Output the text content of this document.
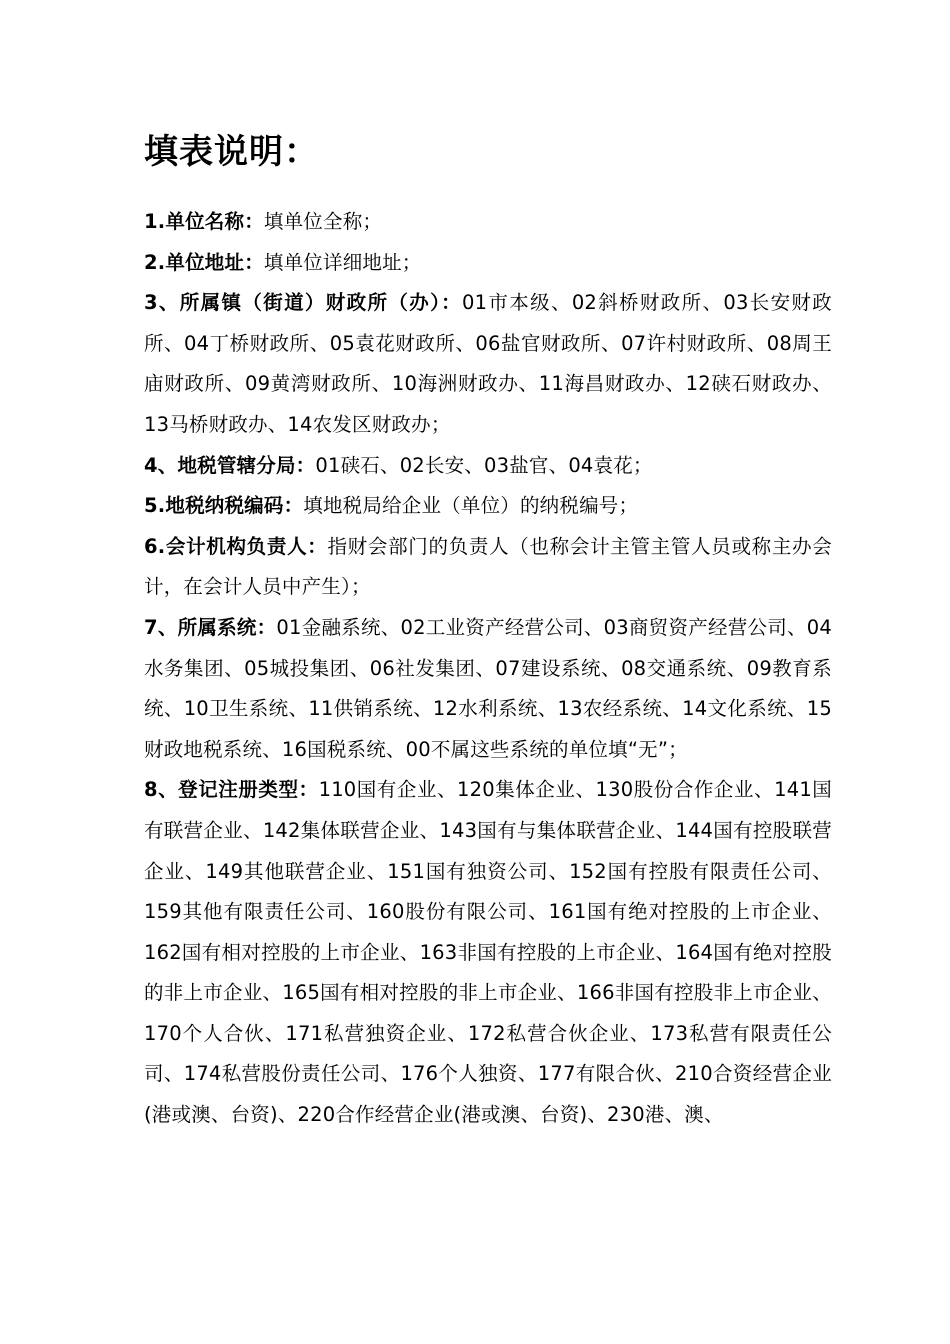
填表说明：

1.单位名称：填单位全称；

2.单位地址：填单位详细地址；

3、所属镇（街道）财政所（办）：01市本级、02斜桥财政所、03长安财政所、04丁桥财政所、05袁花财政所、06盐官财政所、07许村财政所、08周王庙财政所、09黄湾财政所、10海洲财政办、11海昌财政办、12硖石财政办、13马桥财政办、14农发区财政办；

4、地税管辖分局：01硖石、02长安、03盐官、04袁花；

5.地税纳税编码：填地税局给企业（单位）的纳税编号；

6.会计机构负责人：指财会部门的负责人（也称会计主管主管人员或称主办会计，在会计人员中产生）；

7、所属系统：01金融系统、02工业资产经营公司、03商贸资产经营公司、04水务集团、05城投集团、06社发集团、07建设系统、08交通系统、09教育系统、10卫生系统、11供销系统、12水利系统、13农经系统、14文化系统、15财政地税系统、16国税系统、00不属这些系统的单位填“无”；

8、登记注册类型：110国有企业、120集体企业、130股份合作企业、141国有联营企业、142集体联营企业、143国有与集体联营企业、144国有控股联营企业、149其他联营企业、151国有独资公司、152国有控股有限责任公司、159其他有限责任公司、160股份有限公司、161国有绝对控股的上市企业、162国有相对控股的上市企业、163非国有控股的上市企业、164国有绝对控股的非上市企业、165国有相对控股的非上市企业、166非国有控股非上市企业、170个人合伙、171私营独资企业、172私营合伙企业、173私营有限责任公司、174私营股份责任公司、176个人独资、177有限合伙、210合资经营企业(港或澳、台资)、220合作经营企业(港或澳、台资)、230港、澳、
